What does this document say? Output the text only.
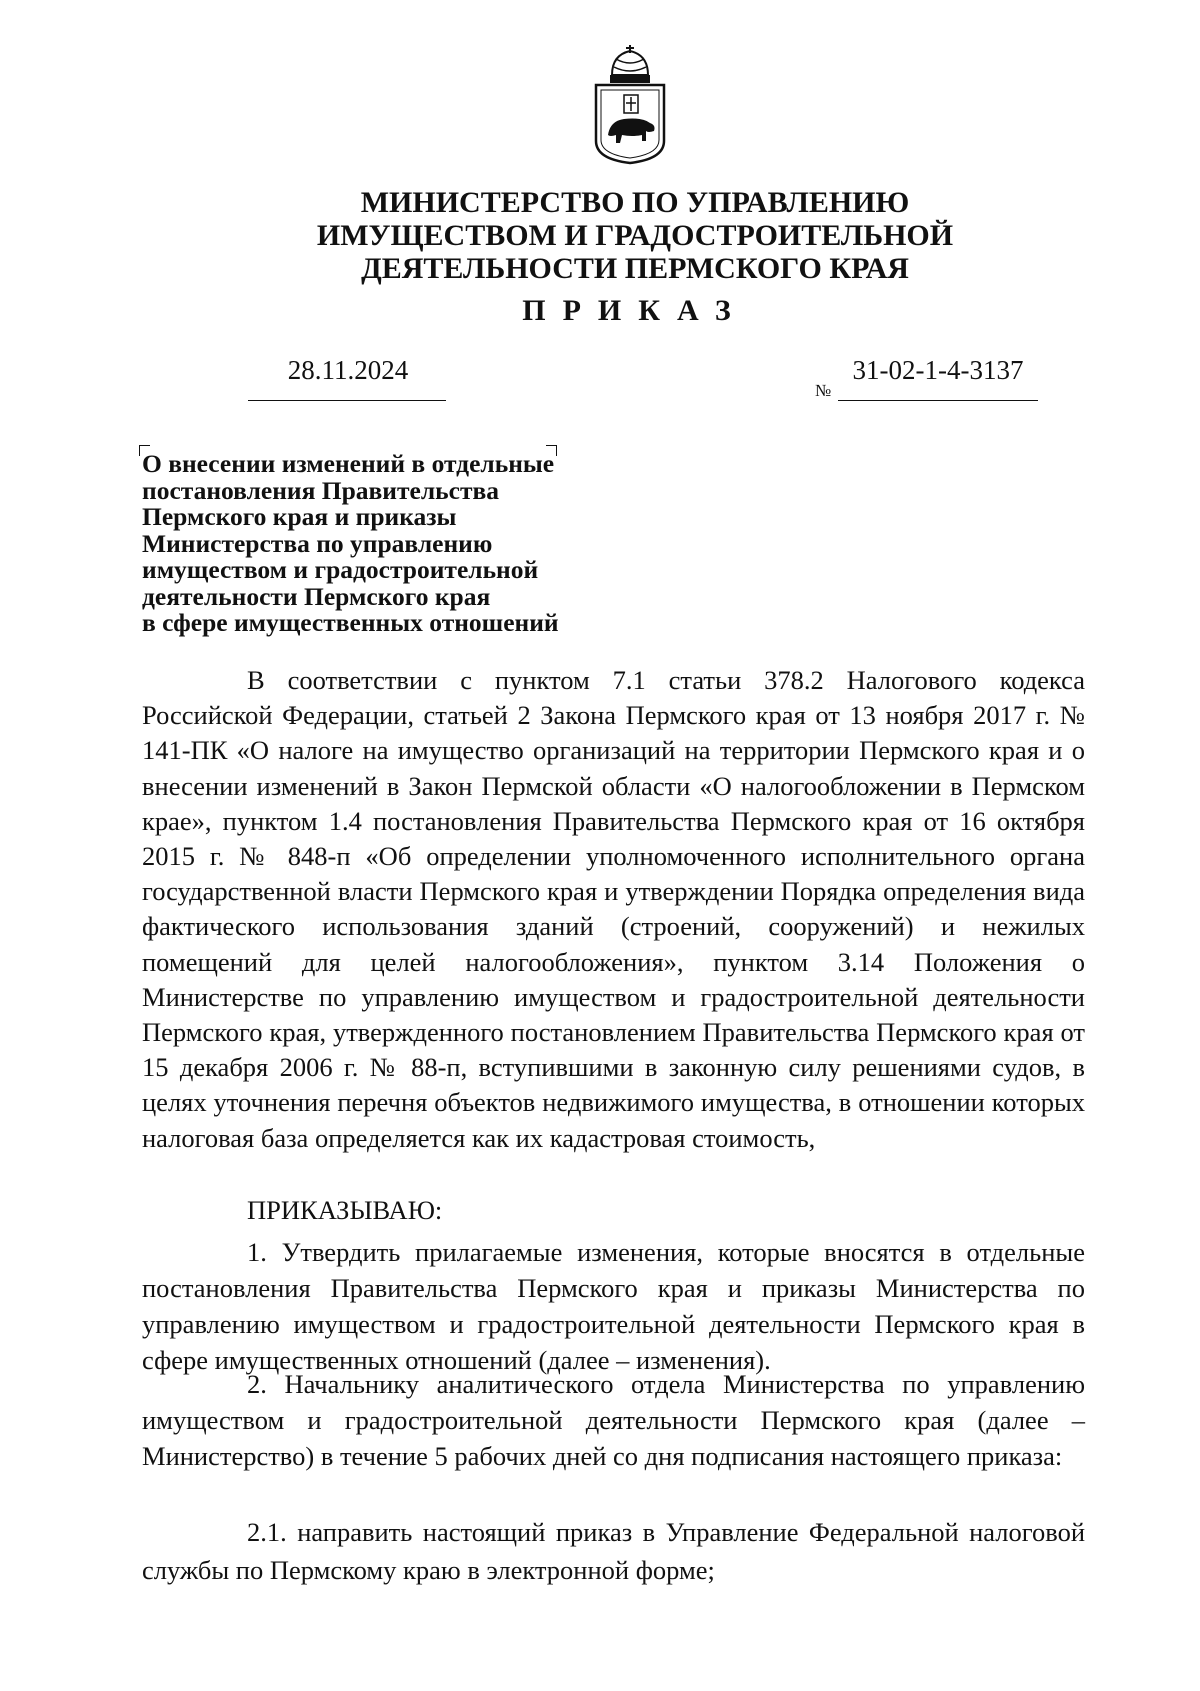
МИНИСТЕРСТВО ПО УПРАВЛЕНИЮ
ИМУЩЕСТВОМ И ГРАДОСТРОИТЕЛЬНОЙ
ДЕЯТЕЛЬНОСТИ ПЕРМСКОГО КРАЯ
ПРИКАЗ
28.11.2024
№
31-02-1-4-3137
О внесении изменений в отдельные
постановления Правительства
Пермского края и приказы
Министерства по управлению
имуществом и градостроительной
деятельности Пермского края
в сфере имущественных отношений
В соответствии с пунктом 7.1 статьи 378.2 Налогового кодекса Российской Федерации, статьей 2 Закона Пермского края от 13 ноября 2017 г. № 141-ПК «О налоге на имущество организаций на территории Пермского края и о внесении изменений в Закон Пермской области «О налогообложении в Пермском крае», пунктом 1.4 постановления Правительства Пермского края от 16 октября 2015 г. № 848-п «Об определении уполномоченного исполнительного органа государственной власти Пермского края и утверждении Порядка определения вида фактического использования зданий (строений, сооружений) и нежилых помещений для целей налогообложения», пунктом 3.14 Положения о Министерстве по управлению имуществом и градостроительной деятельности Пермского края, утвержденного постановлением Правительства Пермского края от 15 декабря 2006 г. № 88-п, вступившими в законную силу решениями судов, в целях уточнения перечня объектов недвижимого имущества, в отношении которых налоговая база определяется как их кадастровая стоимость,
ПРИКАЗЫВАЮ:
1. Утвердить прилагаемые изменения, которые вносятся в отдельные постановления Правительства Пермского края и приказы Министерства по управлению имуществом и градостроительной деятельности Пермского края в сфере имущественных отношений (далее – изменения).
2. Начальнику аналитического отдела Министерства по управлению имуществом и градостроительной деятельности Пермского края (далее – Министерство) в течение 5 рабочих дней со дня подписания настоящего приказа:
2.1. направить настоящий приказ в Управление Федеральной налоговой службы по Пермскому краю в электронной форме;
